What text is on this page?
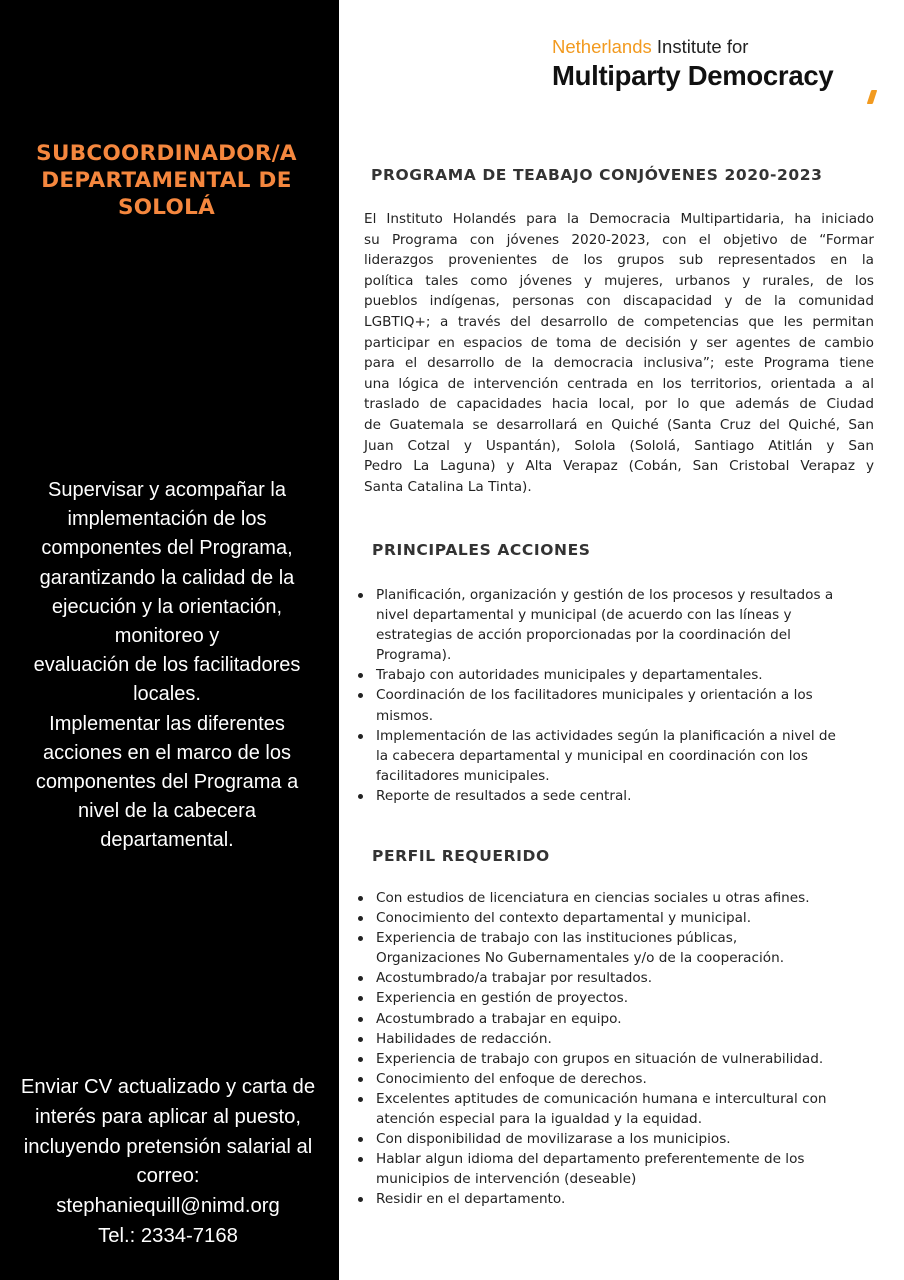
SUBCOORDINADOR/A
DEPARTAMENTAL DE
SOLOLÁ
Supervisar y acompañar la
implementación de los
componentes del Programa,
garantizando la calidad de la
ejecución y la orientación,
monitoreo y
evaluación de los facilitadores
locales.
Implementar las diferentes
acciones en el marco de los
componentes del Programa a
nivel de la cabecera
departamental.
Enviar CV actualizado y carta de
interés para aplicar al puesto,
incluyendo pretensión salarial al
correo:
stephaniequill@nimd.org
Tel.: 2334-7168
Netherlands Institute for
Multiparty Democracy
PROGRAMA DE TEABAJO CONJÓVENES 2020-2023
El Instituto Holandés para la Democracia Multipartidaria, ha iniciado
su Programa con jóvenes 2020-2023, con el objetivo de “Formar
liderazgos provenientes de los grupos sub representados en la
política tales como jóvenes y mujeres, urbanos y rurales, de los
pueblos indígenas, personas con discapacidad y de la comunidad
LGBTIQ+; a través del desarrollo de competencias que les permitan
participar en espacios de toma de decisión y ser agentes de cambio
para el desarrollo de la democracia inclusiva”; este Programa tiene
una lógica de intervención centrada en los territorios, orientada a al
traslado de capacidades hacia local, por lo que además de Ciudad
de Guatemala se desarrollará en Quiché (Santa Cruz del Quiché, San
Juan Cotzal y Uspantán), Solola (Sololá, Santiago Atitlán y San
Pedro La Laguna) y Alta Verapaz (Cobán, San Cristobal Verapaz y
Santa Catalina La Tinta).
PRINCIPALES ACCIONES
Planificación, organización y gestión de los procesos y resultados a
nivel departamental y municipal (de acuerdo con las líneas y
estrategias de acción proporcionadas por la coordinación del
Programa).
Trabajo con autoridades municipales y departamentales.
Coordinación de los facilitadores municipales y orientación a los
mismos.
Implementación de las actividades según la planificación a nivel de
la cabecera departamental y municipal en coordinación con los
facilitadores municipales.
Reporte de resultados a sede central.
PERFIL REQUERIDO
Con estudios de licenciatura en ciencias sociales u otras afines.
Conocimiento del contexto departamental y municipal.
Experiencia de trabajo con las instituciones públicas,
Organizaciones No Gubernamentales y/o de la cooperación.
Acostumbrado/a trabajar por resultados.
Experiencia en gestión de proyectos.
Acostumbrado a trabajar en equipo.
Habilidades de redacción.
Experiencia de trabajo con grupos en situación de vulnerabilidad.
Conocimiento del enfoque de derechos.
Excelentes aptitudes de comunicación humana e intercultural con
atención especial para la igualdad y la equidad.
Con disponibilidad de movilizarase a los municipios.
Hablar algun idioma del departamento preferentemente de los
municipios de intervención (deseable)
Residir en el departamento.
